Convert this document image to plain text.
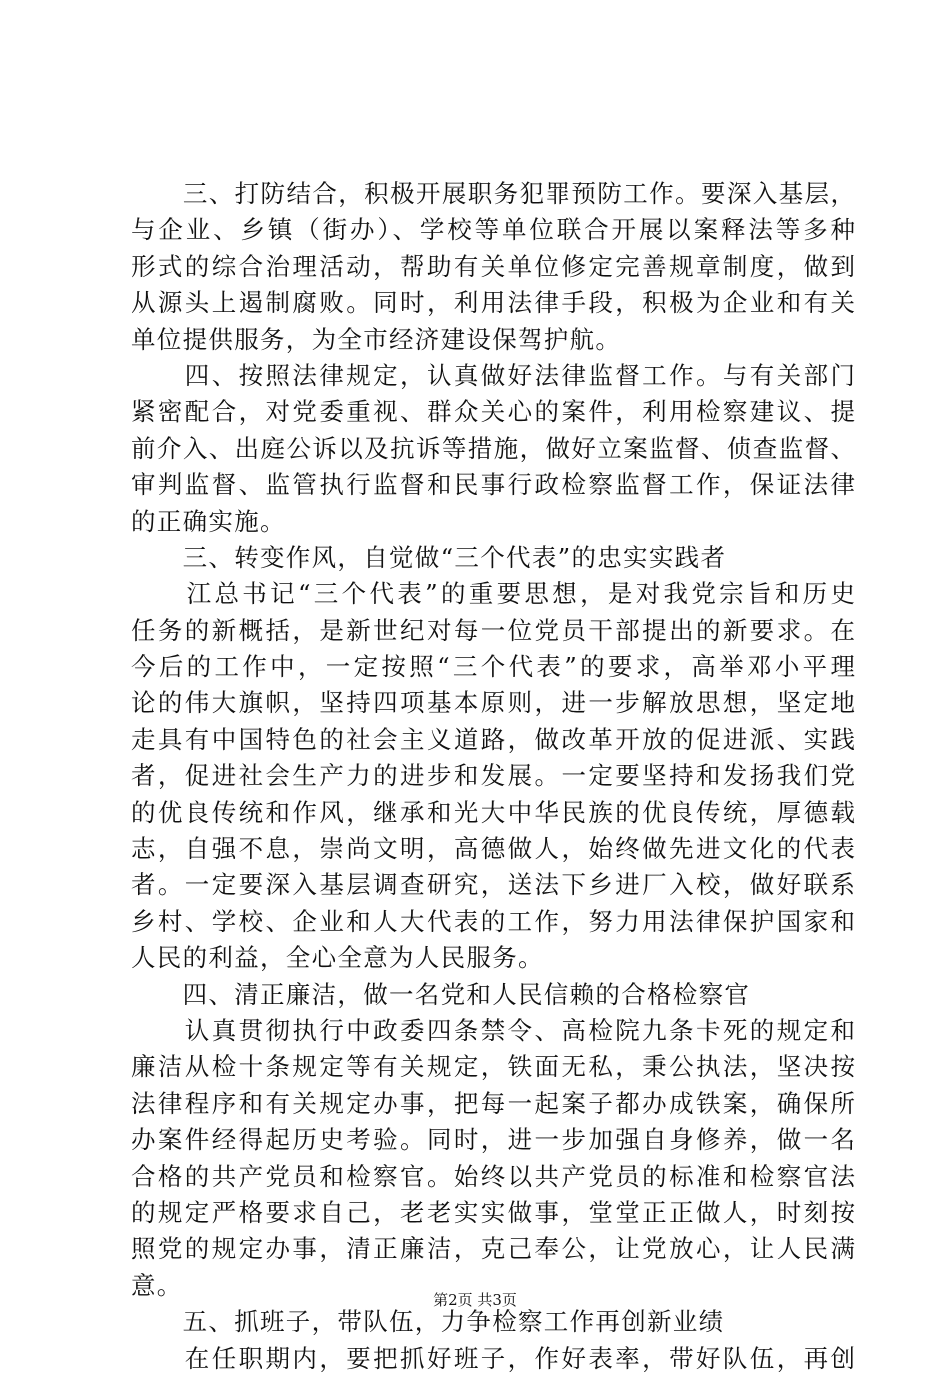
　　三、打防结合，积极开展职务犯罪预防工作。要深入基层，
与企业、乡镇（街办）、学校等单位联合开展以案释法等多种
形式的综合治理活动，帮助有关单位修定完善规章制度，做到
从源头上遏制腐败。同时，利用法律手段，积极为企业和有关
单位提供服务，为全市经济建设保驾护航。
　　四、按照法律规定，认真做好法律监督工作。与有关部门
紧密配合，对党委重视、群众关心的案件，利用检察建议、提
前介入、出庭公诉以及抗诉等措施，做好立案监督、侦查监督、
审判监督、监管执行监督和民事行政检察监督工作，保证法律
的正确实施。
　　三、转变作风，自觉做“三个代表”的忠实实践者
　　江总书记“三个代表”的重要思想，是对我党宗旨和历史
任务的新概括，是新世纪对每一位党员干部提出的新要求。在
今后的工作中，一定按照“三个代表”的要求，高举邓小平理
论的伟大旗帜，坚持四项基本原则，进一步解放思想，坚定地
走具有中国特色的社会主义道路，做改革开放的促进派、实践
者，促进社会生产力的进步和发展。一定要坚持和发扬我们党
的优良传统和作风，继承和光大中华民族的优良传统，厚德载
志，自强不息，崇尚文明，高德做人，始终做先进文化的代表
者。一定要深入基层调查研究，送法下乡进厂入校，做好联系
乡村、学校、企业和人大代表的工作，努力用法律保护国家和
人民的利益，全心全意为人民服务。
　　四、清正廉洁，做一名党和人民信赖的合格检察官
　　认真贯彻执行中政委四条禁令、高检院九条卡死的规定和
廉洁从检十条规定等有关规定，铁面无私，秉公执法，坚决按
法律程序和有关规定办事，把每一起案子都办成铁案，确保所
办案件经得起历史考验。同时，进一步加强自身修养，做一名
合格的共产党员和检察官。始终以共产党员的标准和检察官法
的规定严格要求自己，老老实实做事，堂堂正正做人，时刻按
照党的规定办事，清正廉洁，克己奉公，让党放心，让人民满
意。
　　五、抓班子，带队伍，力争检察工作再创新业绩
　　在任职期内，要把抓好班子，作好表率，带好队伍，再创
第2页 共3页
